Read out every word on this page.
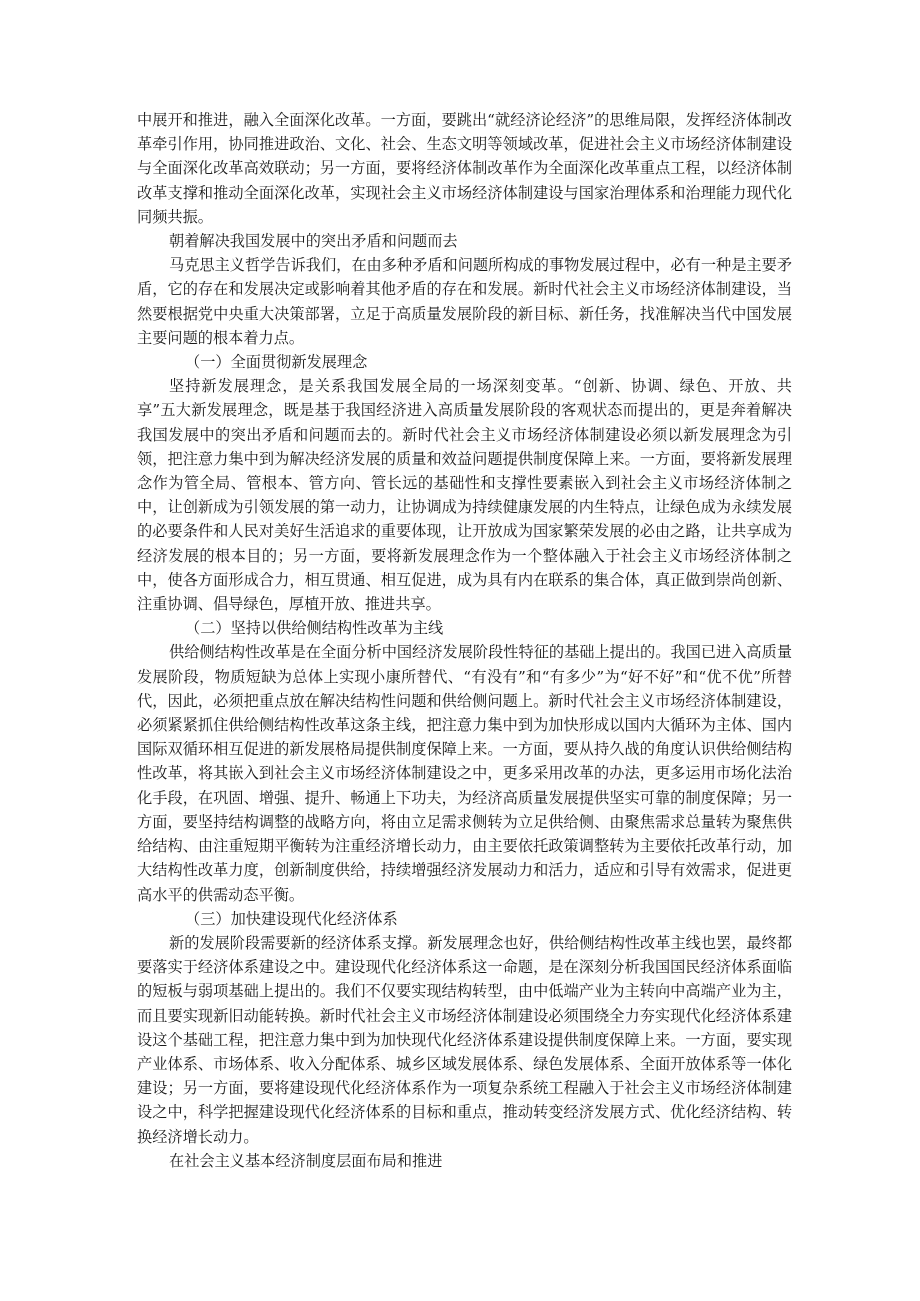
中展开和推进，融入全面深化改革。一方面，要跳出“就经济论经济”的思维局限，发挥经济体制改革牵引作用，协同推进政治、文化、社会、生态文明等领域改革，促进社会主义市场经济体制建设与全面深化改革高效联动；另一方面，要将经济体制改革作为全面深化改革重点工程，以经济体制改革支撑和推动全面深化改革，实现社会主义市场经济体制建设与国家治理体系和治理能力现代化同频共振。

朝着解决我国发展中的突出矛盾和问题而去

马克思主义哲学告诉我们，在由多种矛盾和问题所构成的事物发展过程中，必有一种是主要矛盾，它的存在和发展决定或影响着其他矛盾的存在和发展。新时代社会主义市场经济体制建设，当然要根据党中央重大决策部署，立足于高质量发展阶段的新目标、新任务，找准解决当代中国发展主要问题的根本着力点。

（一）全面贯彻新发展理念

坚持新发展理念，是关系我国发展全局的一场深刻变革。“创新、协调、绿色、开放、共享”五大新发展理念，既是基于我国经济进入高质量发展阶段的客观状态而提出的，更是奔着解决我国发展中的突出矛盾和问题而去的。新时代社会主义市场经济体制建设必须以新发展理念为引领，把注意力集中到为解决经济发展的质量和效益问题提供制度保障上来。一方面，要将新发展理念作为管全局、管根本、管方向、管长远的基础性和支撑性要素嵌入到社会主义市场经济体制之中，让创新成为引领发展的第一动力，让协调成为持续健康发展的内生特点，让绿色成为永续发展的必要条件和人民对美好生活追求的重要体现，让开放成为国家繁荣发展的必由之路，让共享成为经济发展的根本目的；另一方面，要将新发展理念作为一个整体融入于社会主义市场经济体制之中，使各方面形成合力，相互贯通、相互促进，成为具有内在联系的集合体，真正做到崇尚创新、注重协调、倡导绿色，厚植开放、推进共享。

（二）坚持以供给侧结构性改革为主线

供给侧结构性改革是在全面分析中国经济发展阶段性特征的基础上提出的。我国已进入高质量发展阶段，物质短缺为总体上实现小康所替代、“有没有”和“有多少”为“好不好”和“优不优”所替代，因此，必须把重点放在解决结构性问题和供给侧问题上。新时代社会主义市场经济体制建设，必须紧紧抓住供给侧结构性改革这条主线，把注意力集中到为加快形成以国内大循环为主体、国内国际双循环相互促进的新发展格局提供制度保障上来。一方面，要从持久战的角度认识供给侧结构性改革，将其嵌入到社会主义市场经济体制建设之中，更多采用改革的办法，更多运用市场化法治化手段，在巩固、增强、提升、畅通上下功夫，为经济高质量发展提供坚实可靠的制度保障；另一方面，要坚持结构调整的战略方向，将由立足需求侧转为立足供给侧、由聚焦需求总量转为聚焦供给结构、由注重短期平衡转为注重经济增长动力，由主要依托政策调整转为主要依托改革行动，加大结构性改革力度，创新制度供给，持续增强经济发展动力和活力，适应和引导有效需求，促进更高水平的供需动态平衡。

（三）加快建设现代化经济体系

新的发展阶段需要新的经济体系支撑。新发展理念也好，供给侧结构性改革主线也罢，最终都要落实于经济体系建设之中。建设现代化经济体系这一命题，是在深刻分析我国国民经济体系面临的短板与弱项基础上提出的。我们不仅要实现结构转型，由中低端产业为主转向中高端产业为主，而且要实现新旧动能转换。新时代社会主义市场经济体制建设必须围绕全力夯实现代化经济体系建设这个基础工程，把注意力集中到为加快现代化经济体系建设提供制度保障上来。一方面，要实现产业体系、市场体系、收入分配体系、城乡区域发展体系、绿色发展体系、全面开放体系等一体化建设；另一方面，要将建设现代化经济体系作为一项复杂系统工程融入于社会主义市场经济体制建设之中，科学把握建设现代化经济体系的目标和重点，推动转变经济发展方式、优化经济结构、转换经济增长动力。

在社会主义基本经济制度层面布局和推进
